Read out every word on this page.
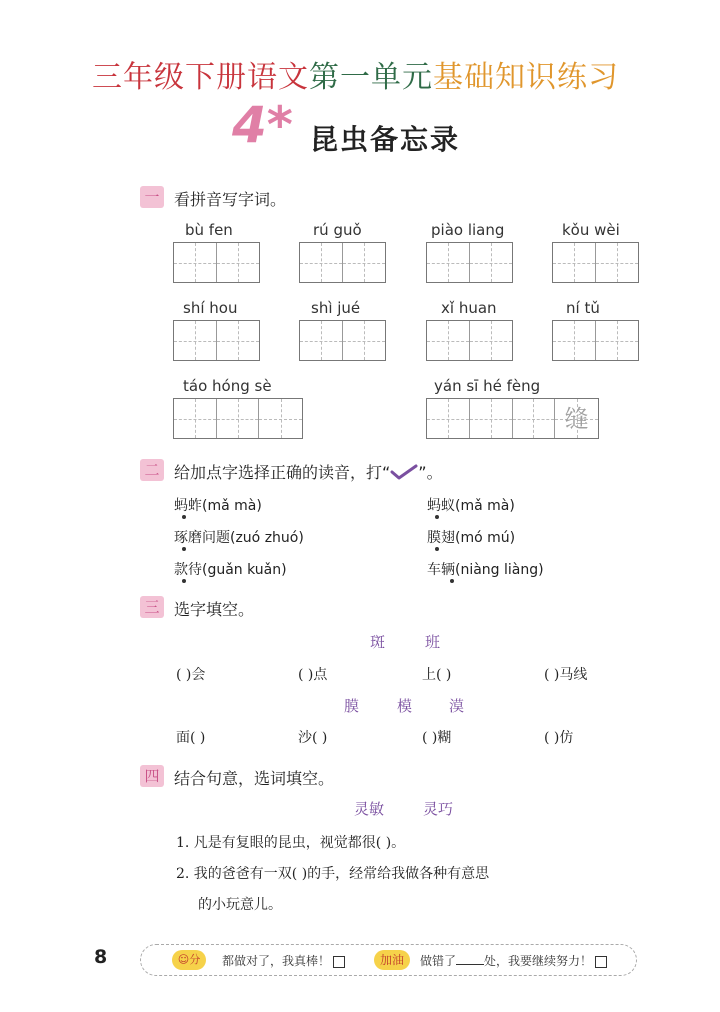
三年级下册语文第一单元基础知识练习
4* 昆虫备忘录
一 看拼音写字词。
bù fen	rú guǒ	piào liang	kǒu wèi
shí hou	shì jué	xǐ huan	ní tǔ
táo hóng sè	yán sī hé fèng
缝
二 给加点字选择正确的读音，打“ ”。
蚂蚱(mǎ mà)	蚂蚁(mǎ mà)
琢磨问题(zuó zhuó)	膜翅(mó mú)
款待(guǎn kuǎn)	车辆(niàng liàng)
三 选字填空。
斑	班
( )会	( )点	上( )	( )马线
膜	模 漠
面( )	沙( )	( )糊	( )仿
四 结合句意，选词填空。
灵敏	灵巧
1. 凡是有复眼的昆虫，视觉都很( )。
2. 我的爸爸有一双( )的手，经常给我做各种有意思
的小玩意儿。
8	☺分	都做对了，我真棒！	加油	做错了 处，我要继续努力！
